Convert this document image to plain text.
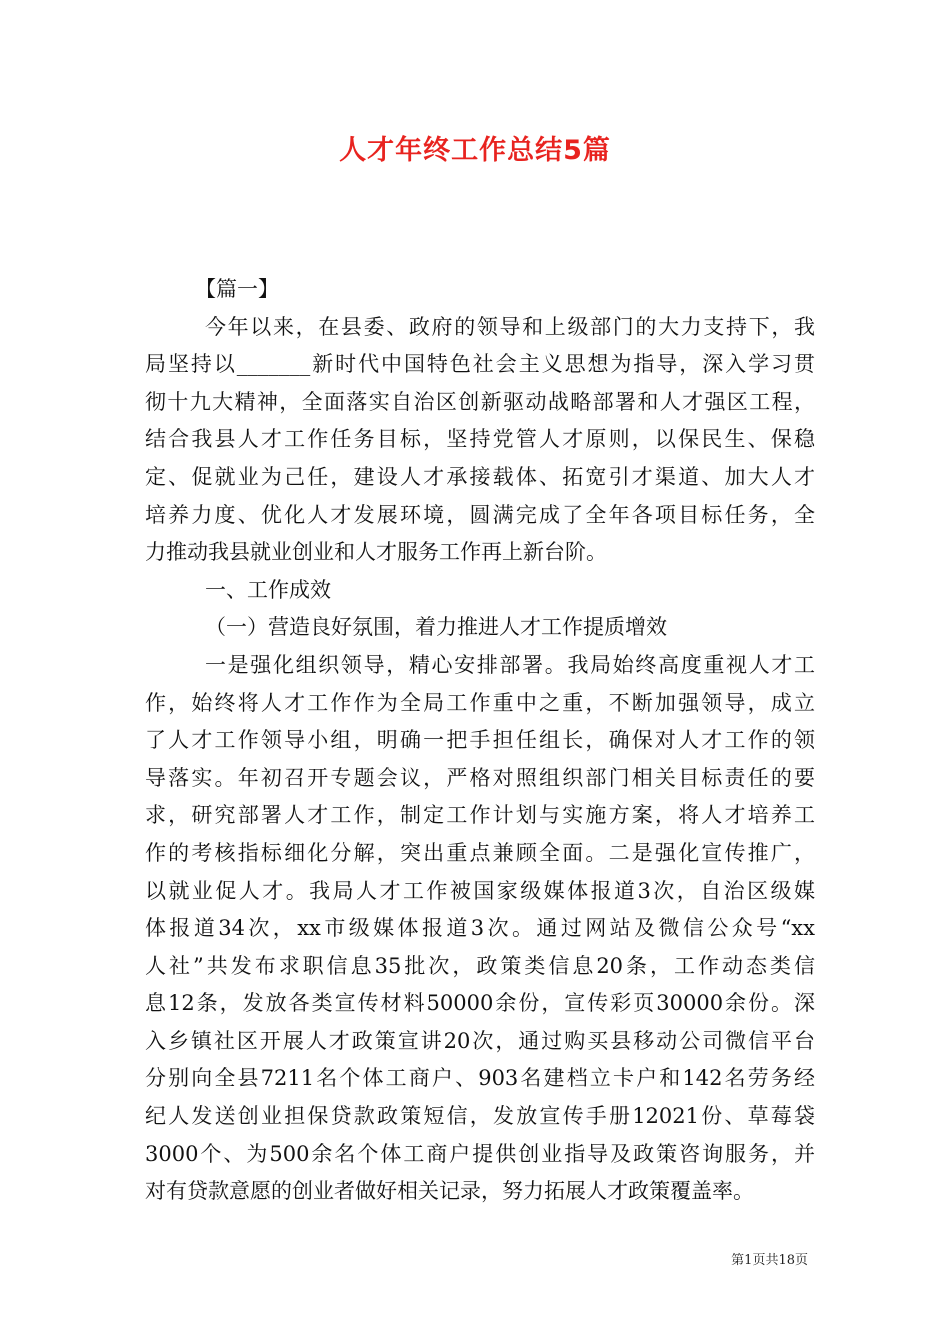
人才年终工作总结5篇
【篇一】
今年以来，在县委、政府的领导和上级部门的大力支持下，我
局坚持以_______新时代中国特色社会主义思想为指导，深入学习贯
彻十九大精神，全面落实自治区创新驱动战略部署和人才强区工程，
结合我县人才工作任务目标，坚持党管人才原则，以保民生、保稳
定、促就业为己任，建设人才承接载体、拓宽引才渠道、加大人才
培养力度、优化人才发展环境，圆满完成了全年各项目标任务，全
力推动我县就业创业和人才服务工作再上新台阶。
一、工作成效
（一）营造良好氛围，着力推进人才工作提质增效
一是强化组织领导，精心安排部署。我局始终高度重视人才工
作，始终将人才工作作为全局工作重中之重，不断加强领导，成立
了人才工作领导小组，明确一把手担任组长，确保对人才工作的领
导落实。年初召开专题会议，严格对照组织部门相关目标责任的要
求，研究部署人才工作，制定工作计划与实施方案，将人才培养工
作的考核指标细化分解，突出重点兼顾全面。二是强化宣传推广，
以就业促人才。我局人才工作被国家级媒体报道3次，自治区级媒
体报道34次，xx市级媒体报道3次。通过网站及微信公众号“xx
人社”共发布求职信息35批次，政策类信息20条，工作动态类信
息12条，发放各类宣传材料50000余份，宣传彩页30000余份。深
入乡镇社区开展人才政策宣讲20次，通过购买县移动公司微信平台
分别向全县7211名个体工商户、903名建档立卡户和142名劳务经
纪人发送创业担保贷款政策短信，发放宣传手册12021份、草莓袋
3000个、为500余名个体工商户提供创业指导及政策咨询服务，并
对有贷款意愿的创业者做好相关记录，努力拓展人才政策覆盖率。
第1页共18页
